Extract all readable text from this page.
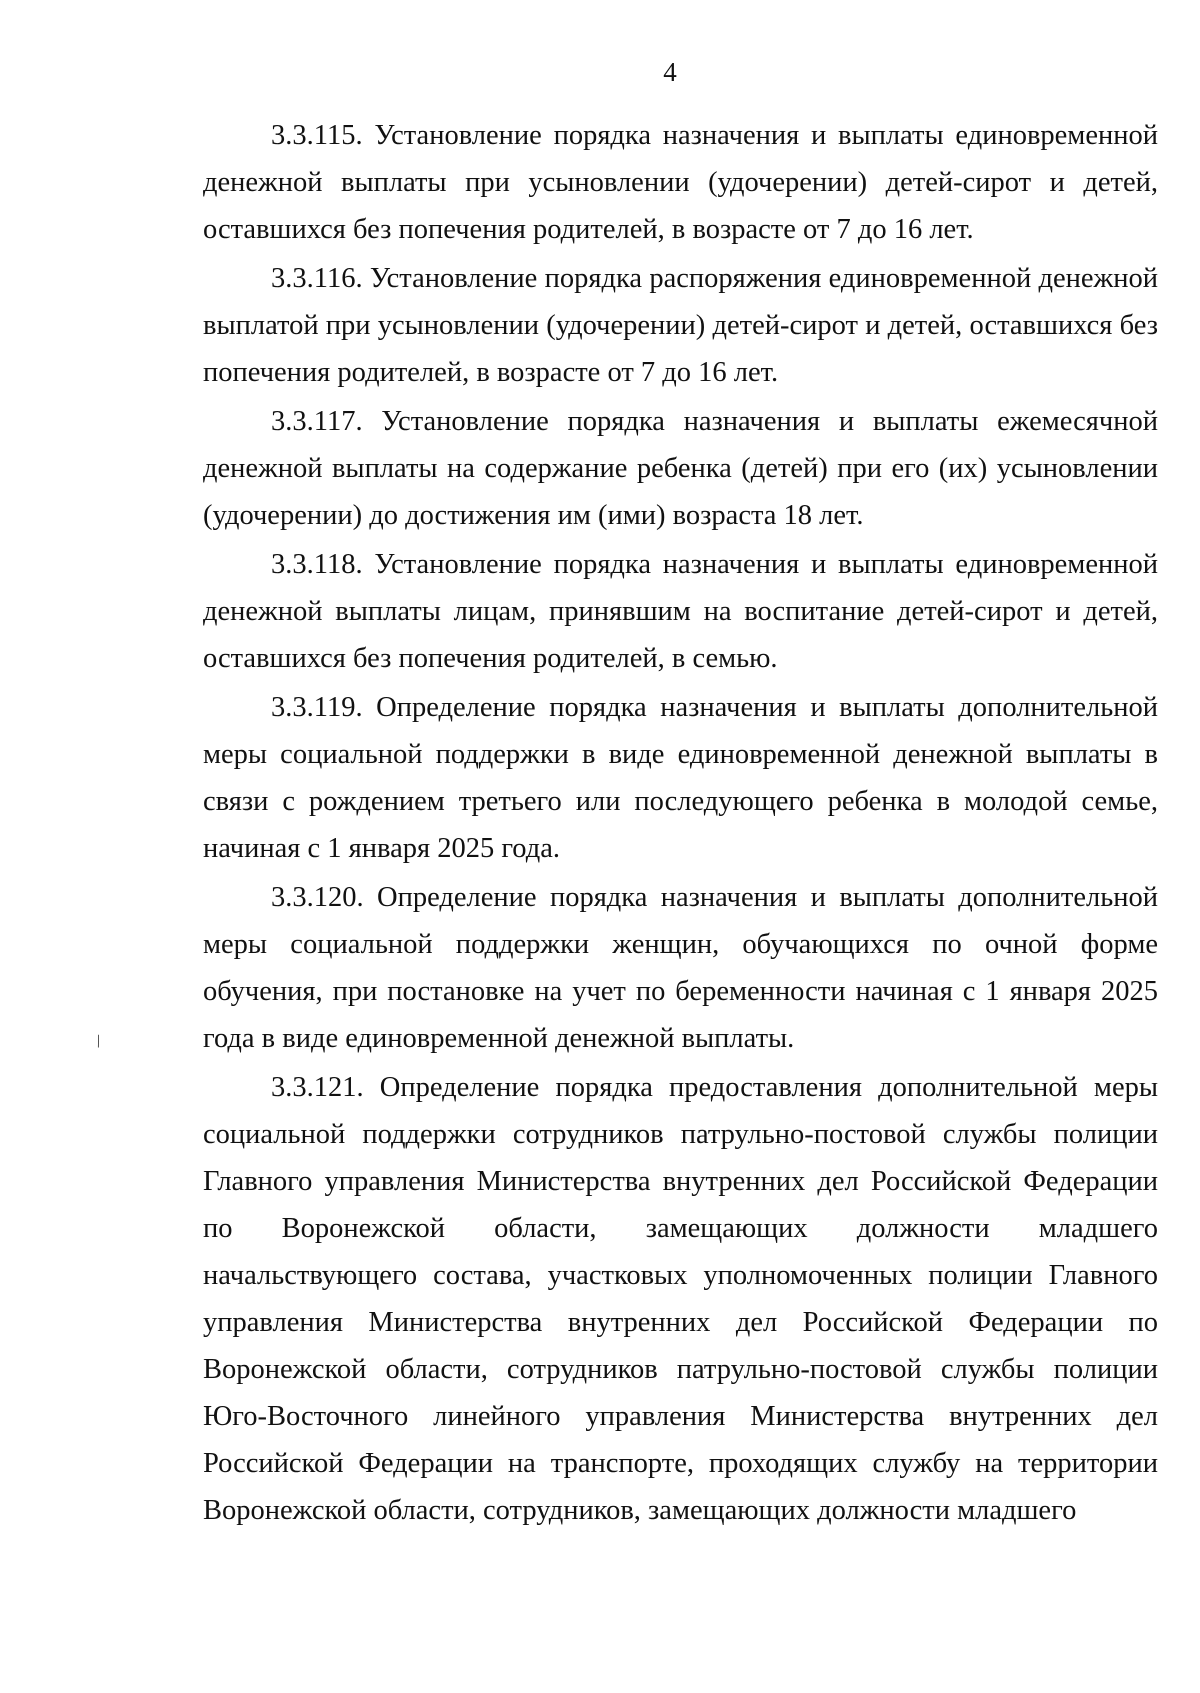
4
\

3.3.115. Установление порядка назначения и выплаты единовременной денежной выплаты при усыновлении (удочерении) детей-сирот и детей, оставшихся без попечения родителей, в возрасте от 7 до 16 лет.

3.3.116. Установление порядка распоряжения единовременной денежной выплатой при усыновлении (удочерении) детей-сирот и детей, оставшихся без попечения родителей, в возрасте от 7 до 16 лет.

3.3.117. Установление порядка назначения и выплаты ежемесячной денежной выплаты на содержание ребенка (детей) при его (их) усыновлении (удочерении) до достижения им (ими) возраста 18 лет.

3.3.118. Установление порядка назначения и выплаты единовременной денежной выплаты лицам, принявшим на воспитание детей-сирот и детей, оставшихся без попечения родителей, в семью.

3.3.119. Определение порядка назначения и выплаты дополнительной меры социальной поддержки в виде единовременной денежной выплаты в связи с рождением третьего или последующего ребенка в молодой семье, начиная с 1 января 2025 года.

3.3.120. Определение порядка назначения и выплаты дополнительной меры социальной поддержки женщин, обучающихся по очной форме обучения, при постановке на учет по беременности начиная с 1 января 2025 года в виде единовременной денежной выплаты.

3.3.121. Определение порядка предоставления дополнительной меры социальной поддержки сотрудников патрульно-постовой службы полиции Главного управления Министерства внутренних дел Российской Федерации по Воронежской области, замещающих должности младшего начальствующего состава, участковых уполномоченных полиции Главного управления Министерства внутренних дел Российской Федерации по Воронежской области, сотрудников патрульно-постовой службы полиции Юго-Восточного линейного управления Министерства внутренних дел Российской Федерации на транспорте, проходящих службу на территории Воронежской области, сотрудников, замещающих должности младшего
